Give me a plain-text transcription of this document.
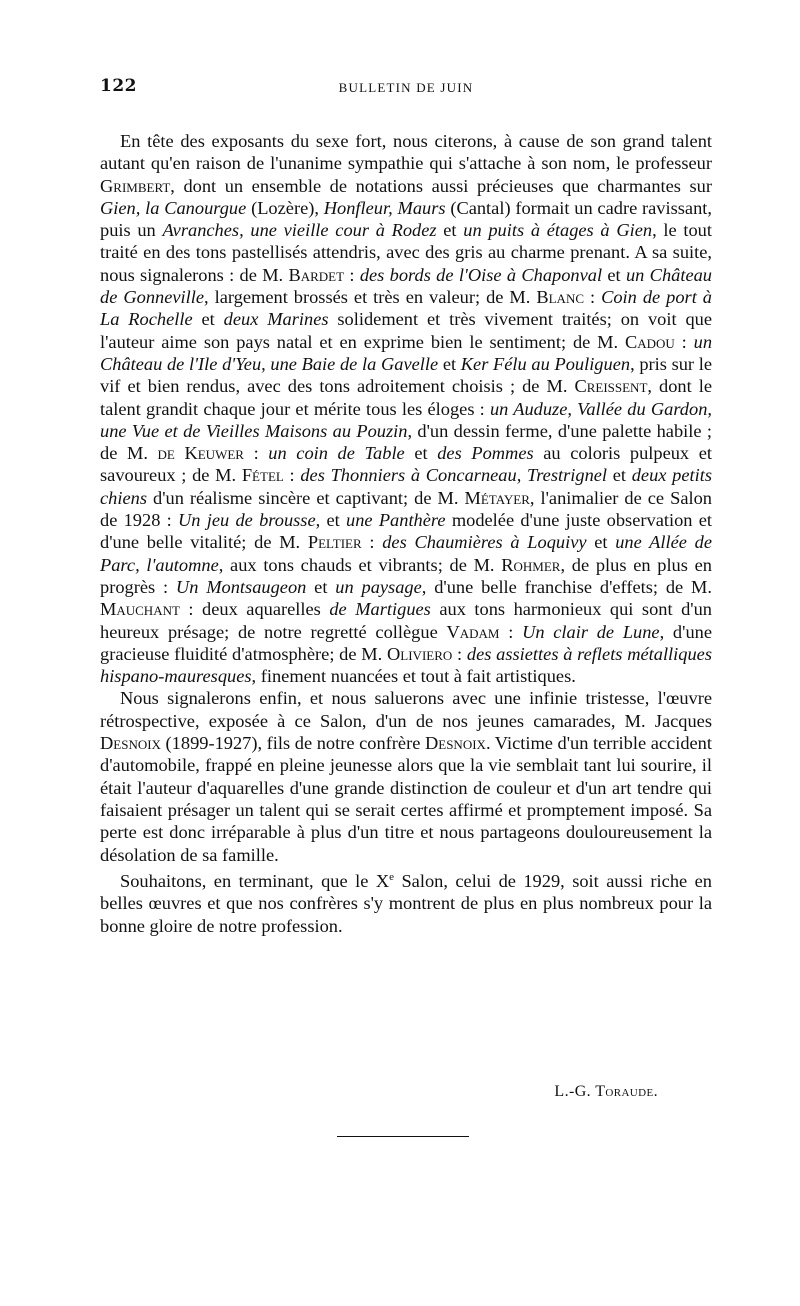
122	BULLETIN DE JUIN

En tête des exposants du sexe fort, nous citerons, à cause de son grand talent autant qu'en raison de l'unanime sympathie qui s'attache à son nom, le professeur Grimbert, dont un ensemble de notations aussi précieuses que charmantes sur Gien, la Canourgue (Lozère), Honfleur, Maurs (Cantal) formait un cadre ravissant, puis un Avranches, une vieille cour à Rodez et un puits à étages à Gien, le tout traité en des tons pastellisés attendris, avec des gris au charme prenant. A sa suite, nous signalerons : de M. Bardet : des bords de l'Oise à Chaponval et un Château de Gonneville, largement brossés et très en valeur; de M. Blanc : Coin de port à La Rochelle et deux Marines solidement et très vivement traités; on voit que l'auteur aime son pays natal et en exprime bien le sentiment; de M. Cadou : un Château de l'Ile d'Yeu, une Baie de la Gavelle et Ker Félu au Pouliguen, pris sur le vif et bien rendus, avec des tons adroitement choisis ; de M. Creissent, dont le talent grandit chaque jour et mérite tous les éloges : un Auduze, Vallée du Gardon, une Vue et de Vieilles Maisons au Pouzin, d'un dessin ferme, d'une palette habile ; de M. de Keuwer : un coin de Table et des Pommes au coloris pulpeux et savoureux ; de M. Fétel : des Thonniers à Concarneau, Trestrignel et deux petits chiens d'un réalisme sincère et captivant; de M. Métayer, l'animalier de ce Salon de 1928 : Un jeu de brousse, et une Panthère modelée d'une juste observation et d'une belle vitalité; de M. Peltier : des Chaumières à Loquivy et une Allée de Parc, l'automne, aux tons chauds et vibrants; de M. Rohmer, de plus en plus en progrès : Un Montsaugeon et un paysage, d'une belle franchise d'effets; de M. Mauchant : deux aquarelles de Martigues aux tons harmonieux qui sont d'un heureux présage; de notre regretté collègue Vadam : Un clair de Lune, d'une gracieuse fluidité d'atmosphère; de M. Oliviero : des assiettes à reflets métalliques hispano-mauresques, finement nuancées et tout à fait artistiques.

Nous signalerons enfin, et nous saluerons avec une infinie tristesse, l'œuvre rétrospective, exposée à ce Salon, d'un de nos jeunes camarades, M. Jacques Desnoix (1899-1927), fils de notre confrère Desnoix. Victime d'un terrible accident d'automobile, frappé en pleine jeunesse alors que la vie semblait tant lui sourire, il était l'auteur d'aquarelles d'une grande distinction de couleur et d'un art tendre qui faisaient présager un talent qui se serait certes affirmé et promptement imposé. Sa perte est donc irréparable à plus d'un titre et nous partageons douloureusement la désolation de sa famille.

Souhaitons, en terminant, que le Xe Salon, celui de 1929, soit aussi riche en belles œuvres et que nos confrères s'y montrent de plus en plus nombreux pour la bonne gloire de notre profession.

L.-G. Toraude.
